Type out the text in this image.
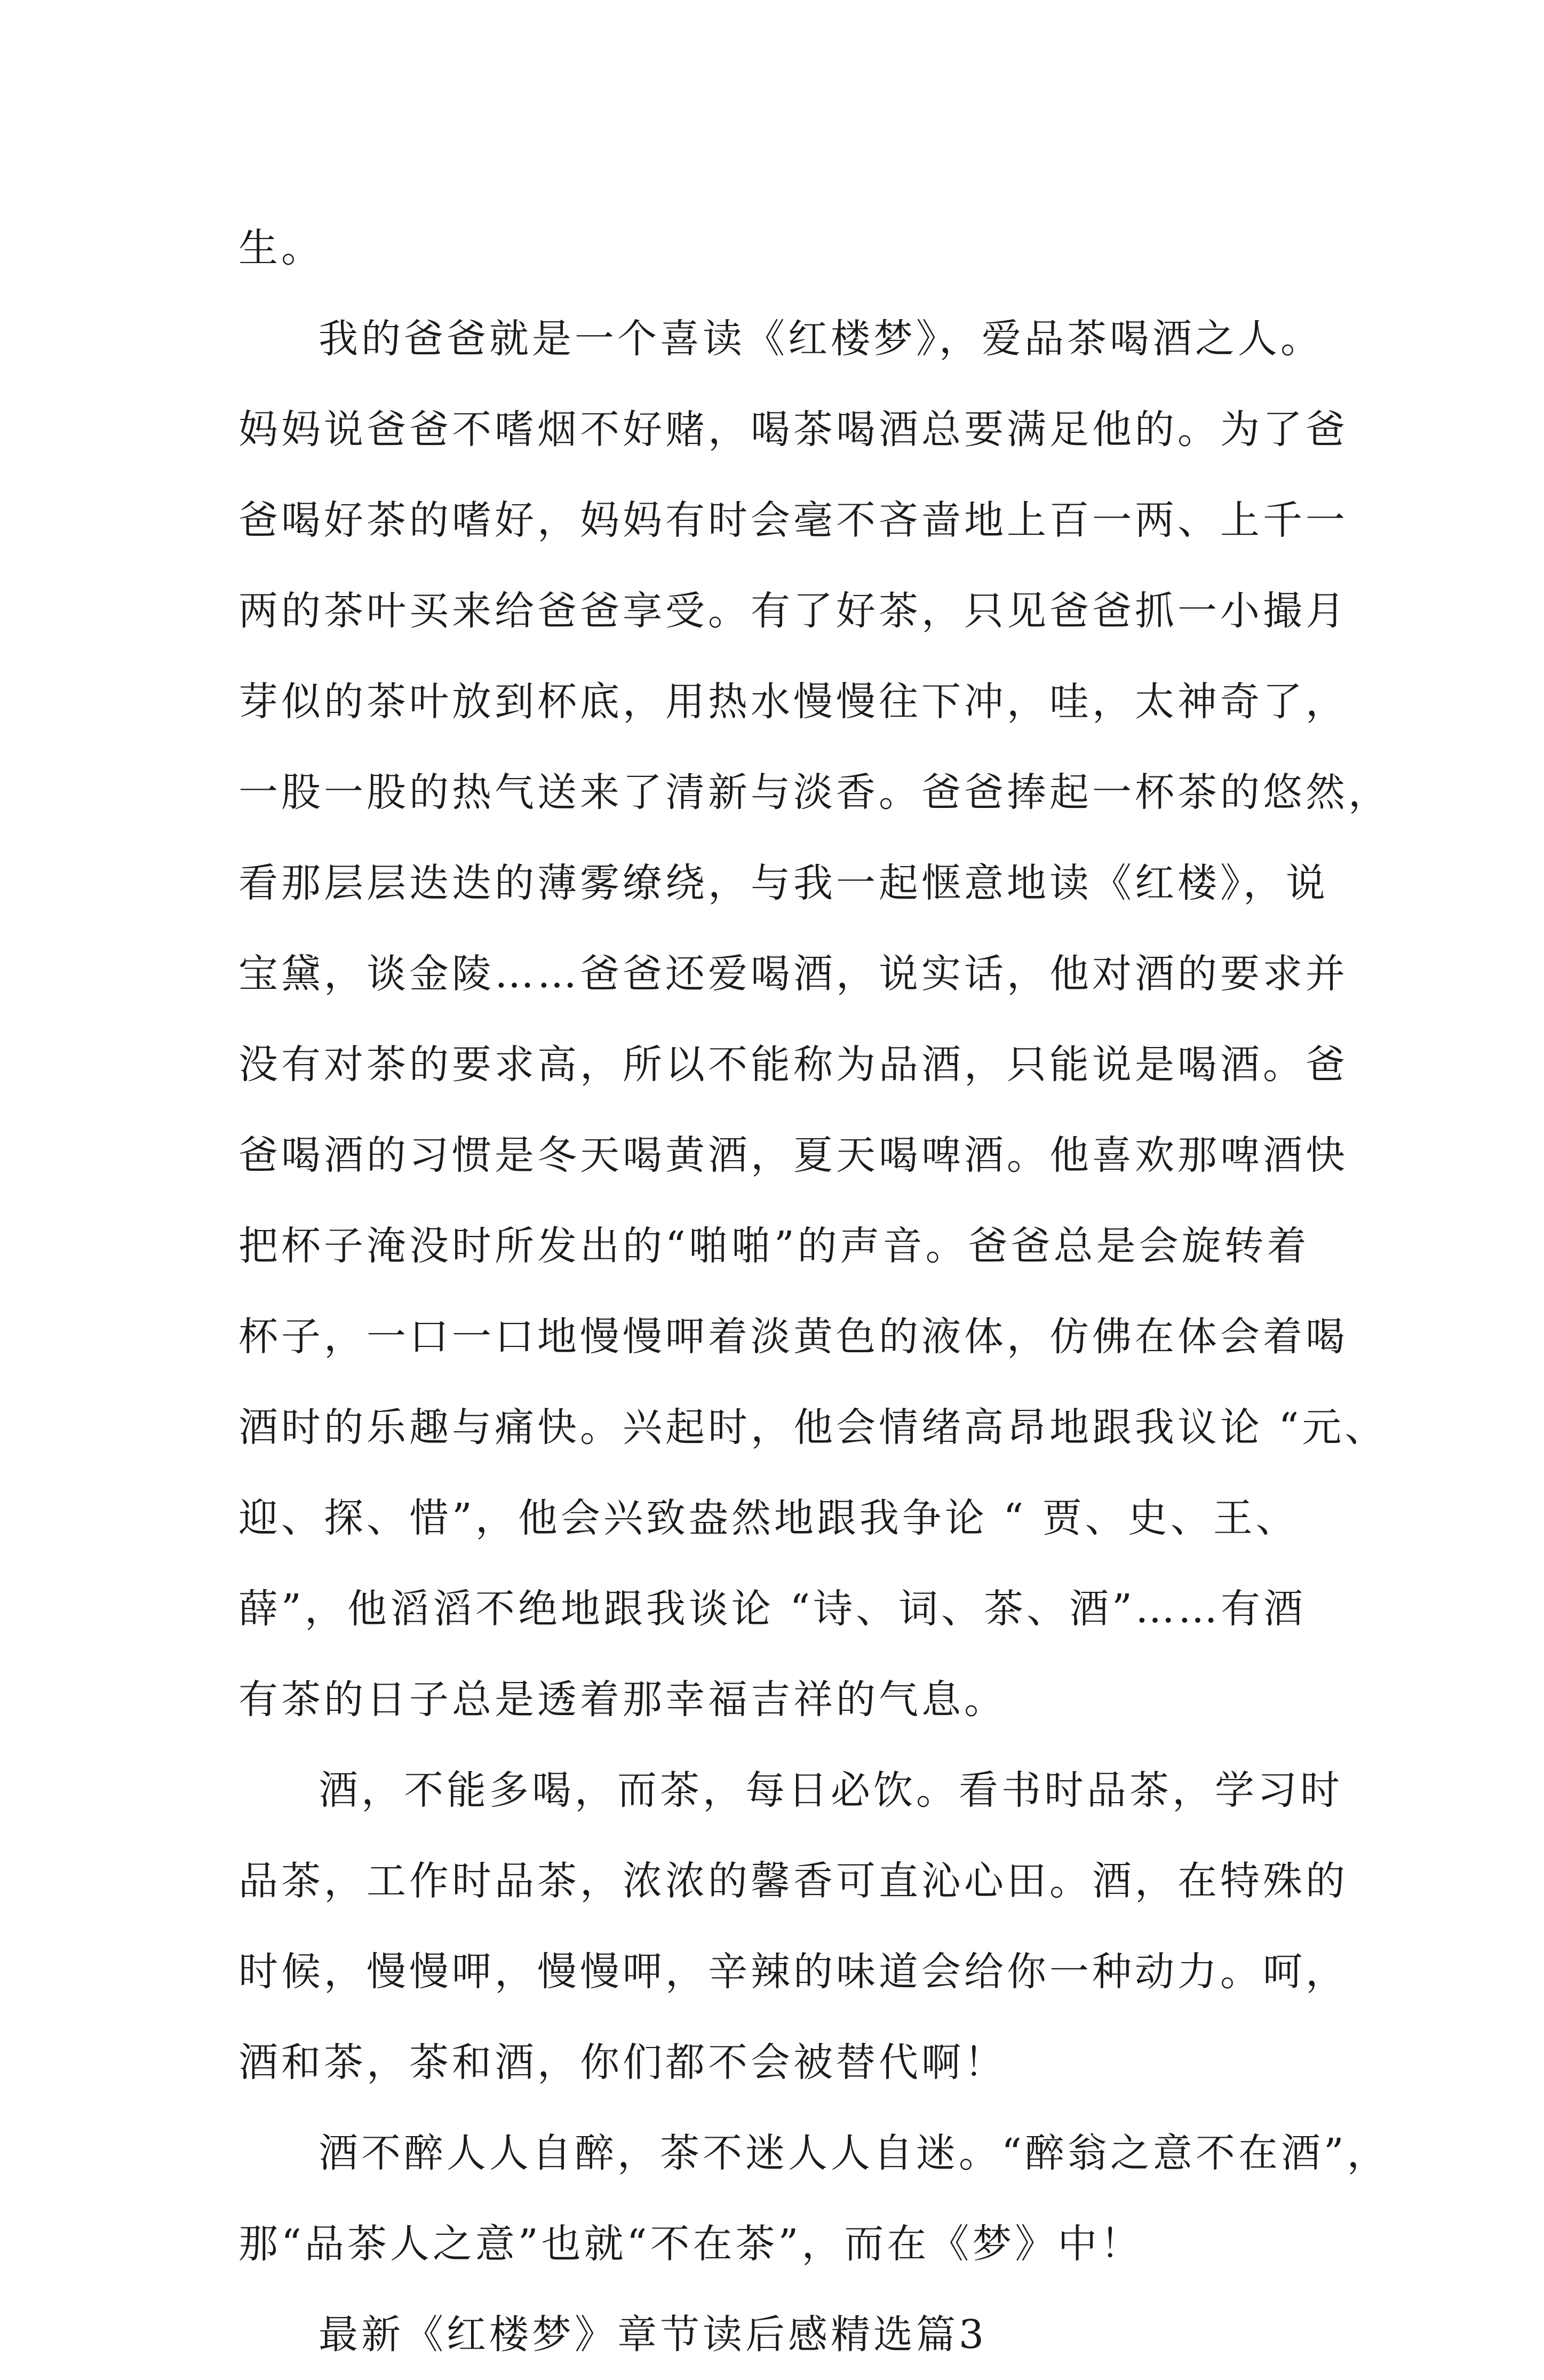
生。
我的爸爸就是一个喜读《红楼梦》，爱品茶喝酒之人。
妈妈说爸爸不嗜烟不好赌，喝茶喝酒总要满足他的。为了爸
爸喝好茶的嗜好，妈妈有时会毫不吝啬地上百一两、上千一
两的茶叶买来给爸爸享受。有了好茶，只见爸爸抓一小撮月
芽似的茶叶放到杯底，用热水慢慢往下冲，哇，太神奇了，
一股一股的热气送来了清新与淡香。爸爸捧起一杯茶的悠然，
看那层层迭迭的薄雾缭绕，与我一起惬意地读《红楼》，说
宝黛，谈金陵……爸爸还爱喝酒，说实话，他对酒的要求并
没有对茶的要求高，所以不能称为品酒，只能说是喝酒。爸
爸喝酒的习惯是冬天喝黄酒，夏天喝啤酒。他喜欢那啤酒快
把杯子淹没时所发出的“啪啪”的声音。爸爸总是会旋转着
杯子，一口一口地慢慢呷着淡黄色的液体，仿佛在体会着喝
酒时的乐趣与痛快。兴起时，他会情绪高昂地跟我议论 “元、
迎、探、惜”，他会兴致盎然地跟我争论 “ 贾、史、王、
薛”，他滔滔不绝地跟我谈论 “诗、词、茶、酒”……有酒
有茶的日子总是透着那幸福吉祥的气息。
酒，不能多喝，而茶，每日必饮。看书时品茶，学习时
品茶，工作时品茶，浓浓的馨香可直沁心田。酒，在特殊的
时候，慢慢呷，慢慢呷，辛辣的味道会给你一种动力。呵，
酒和茶，茶和酒，你们都不会被替代啊！
酒不醉人人自醉，茶不迷人人自迷。“醉翁之意不在酒”，
那“品茶人之意”也就“不在茶”，而在《梦》中！
最新《红楼梦》章节读后感精选篇3
